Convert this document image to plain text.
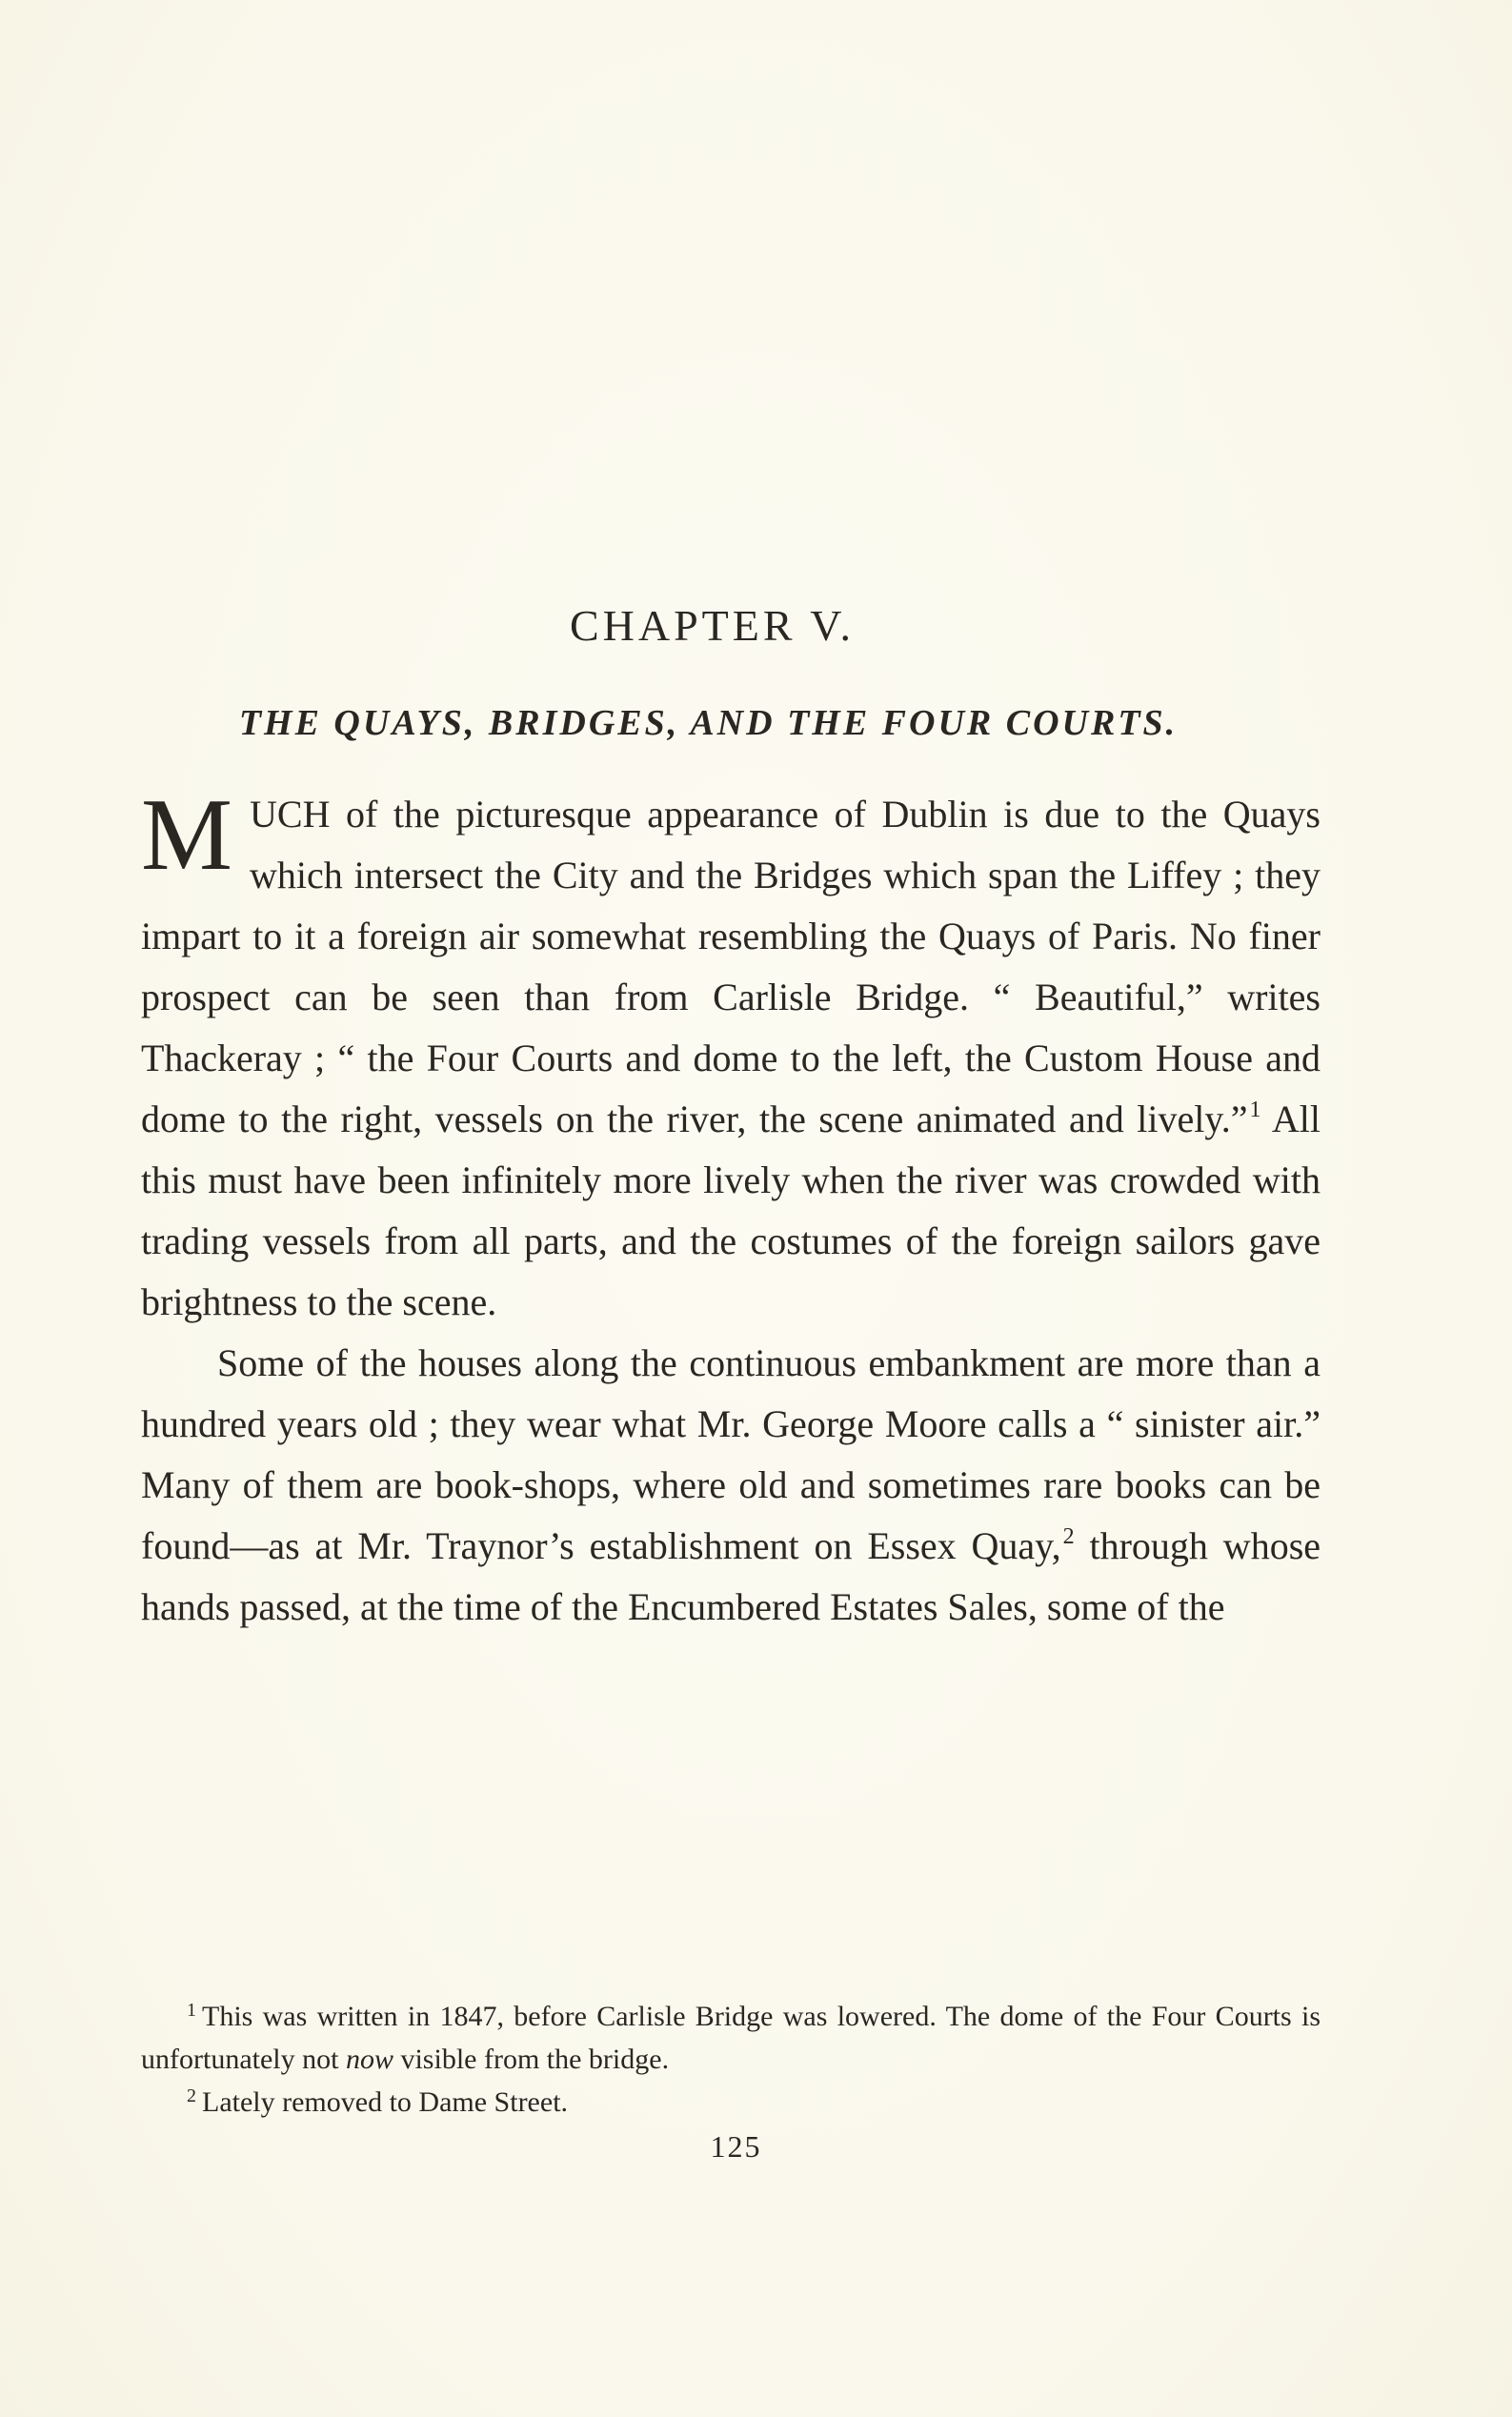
CHAPTER V.
THE QUAYS, BRIDGES, AND THE FOUR COURTS.

MUCH of the picturesque appearance of Dublin is due to the Quays which intersect the City and the Bridges which span the Liffey ; they impart to it a foreign air somewhat resembling the Quays of Paris. No finer prospect can be seen than from Carlisle Bridge. “ Beautiful,” writes Thackeray ; “ the Four Courts and dome to the left, the Custom House and dome to the right, vessels on the river, the scene animated and lively.”$^1$ All this must have been infinitely more lively when the river was crowded with trading vessels from all parts, and the costumes of the foreign sailors gave brightness to the scene.

Some of the houses along the continuous embankment are more than a hundred years old ; they wear what Mr. George Moore calls a “ sinister air.” Many of them are book-shops, where old and sometimes rare books can be found—as at Mr. Traynor’s establishment on Essex Quay,$^2$ through whose hands passed, at the time of the Encumbered Estates Sales, some of the

$^1$ This was written in 1847, before Carlisle Bridge was lowered. The dome of the Four Courts is unfortunately not now visible from the bridge.

$^2$ Lately removed to Dame Street.

125
